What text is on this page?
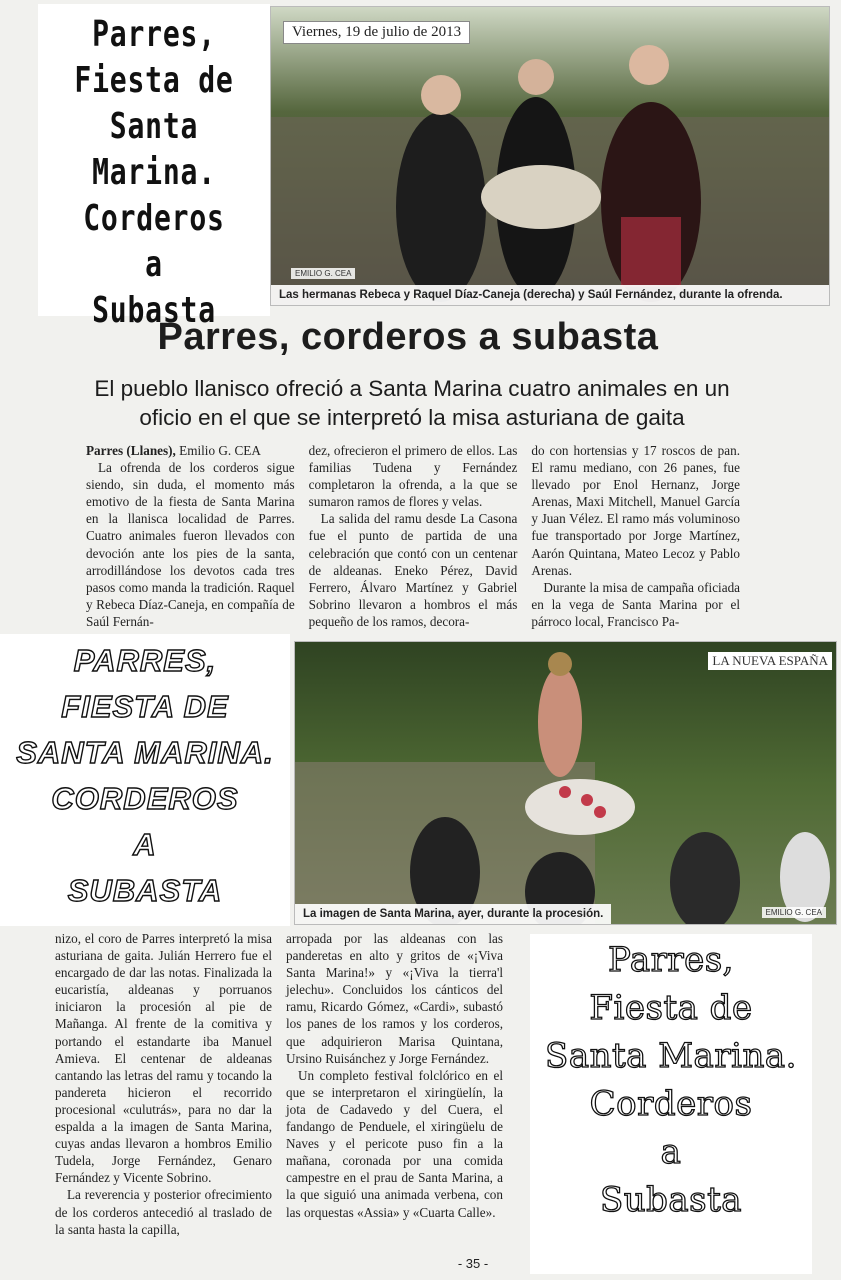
Parres,
Fiesta de
Santa Marina.
Corderos
a
Subasta
Viernes, 19 de julio de 2013
EMILIO G. CEA
Las hermanas Rebeca y Raquel Díaz-Caneja (derecha) y Saúl Fernández, durante la ofrenda.
Parres, corderos a subasta
El pueblo llanisco ofreció a Santa Marina cuatro animales en un oficio en el que se interpretó la misa asturiana de gaita

Parres (Llanes), Emilio G. CEA

La ofrenda de los corderos sigue siendo, sin duda, el momento más emotivo de la fiesta de Santa Marina en la llanisca localidad de Parres. Cuatro animales fueron llevados con devoción ante los pies de la santa, arrodillándose los devotos cada tres pasos como manda la tradición. Raquel y Rebeca Díaz-Caneja, en compañía de Saúl Fernán-

dez, ofrecieron el primero de ellos. Las familias Tudena y Fernández completaron la ofrenda, a la que se sumaron ramos de flores y velas.

La salida del ramu desde La Casona fue el punto de partida de una celebración que contó con un centenar de aldeanas. Eneko Pérez, David Ferrero, Álvaro Martínez y Gabriel Sobrino llevaron a hombros el más pequeño de los ramos, decora-

do con hortensias y 17 roscos de pan. El ramu mediano, con 26 panes, fue llevado por Enol Hernanz, Jorge Arenas, Maxi Mitchell, Manuel García y Juan Vélez. El ramo más voluminoso fue transportado por Jorge Martínez, Aarón Quintana, Mateo Lecoz y Pablo Arenas.

Durante la misa de campaña oficiada en la vega de Santa Marina por el párroco local, Francisco Pa-

PARRES,
FIESTA DE
SANTA MARINA.
CORDEROS
A
SUBASTA
LA NUEVA ESPAÑA
EMILIO G. CEA
La imagen de Santa Marina, ayer, durante la procesión.

nizo, el coro de Parres interpretó la misa asturiana de gaita. Julián Herrero fue el encargado de dar las notas. Finalizada la eucaristía, aldeanas y porruanos iniciaron la procesión al pie de Mañanga. Al frente de la comitiva y portando el estandarte iba Manuel Amieva. El centenar de aldeanas cantando las letras del ramu y tocando la pandereta hicieron el recorrido procesional «culutrás», para no dar la espalda a la imagen de Santa Marina, cuyas andas llevaron a hombros Emilio Tudela, Jorge Fernández, Genaro Fernández y Vicente Sobrino.

La reverencia y posterior ofrecimiento de los corderos antecedió al traslado de la santa hasta la capilla,

arropada por las aldeanas con las panderetas en alto y gritos de «¡Viva Santa Marina!» y «¡Viva la tierra'l jelechu». Concluidos los cánticos del ramu, Ricardo Gómez, «Cardi», subastó los panes de los ramos y los corderos, que adquirieron Marisa Quintana, Ursino Ruisánchez y Jorge Fernández.

Un completo festival folclórico en el que se interpretaron el xiringüelín, la jota de Cadavedo y del Cuera, el fandango de Penduele, el xiringüelu de Naves y el pericote puso fin a la mañana, coronada por una comida campestre en el prau de Santa Marina, a la que siguió una animada verbena, con las orquestas «Assia» y «Cuarta Calle».

Parres,
Fiesta de
Santa Marina.
Corderos
a
Subasta
- 35 -
